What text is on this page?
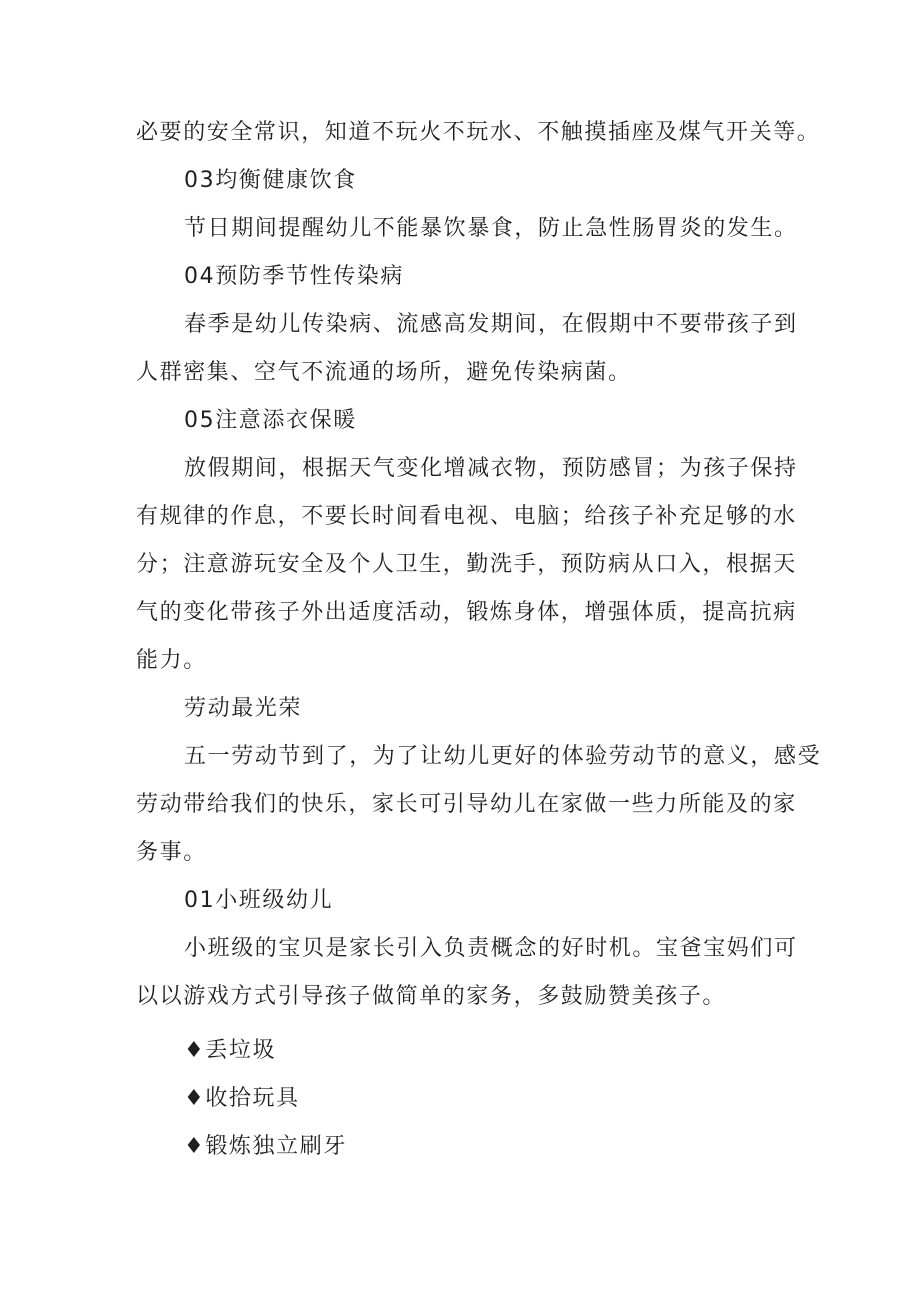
必要的安全常识，知道不玩火不玩水、不触摸插座及煤气开关等。
03均衡健康饮食
节日期间提醒幼儿不能暴饮暴食，防止急性肠胃炎的发生。
04预防季节性传染病
春季是幼儿传染病、流感高发期间，在假期中不要带孩子到
人群密集、空气不流通的场所，避免传染病菌。
05注意添衣保暖
放假期间，根据天气变化增减衣物，预防感冒；为孩子保持
有规律的作息，不要长时间看电视、电脑；给孩子补充足够的水
分；注意游玩安全及个人卫生，勤洗手，预防病从口入，根据天
气的变化带孩子外出适度活动，锻炼身体，增强体质，提高抗病
能力。
劳动最光荣
五一劳动节到了，为了让幼儿更好的体验劳动节的意义，感受
劳动带给我们的快乐，家长可引导幼儿在家做一些力所能及的家
务事。
01小班级幼儿
小班级的宝贝是家长引入负责概念的好时机。宝爸宝妈们可
以以游戏方式引导孩子做简单的家务，多鼓励赞美孩子。
♦丢垃圾
♦收拾玩具
♦锻炼独立刷牙
